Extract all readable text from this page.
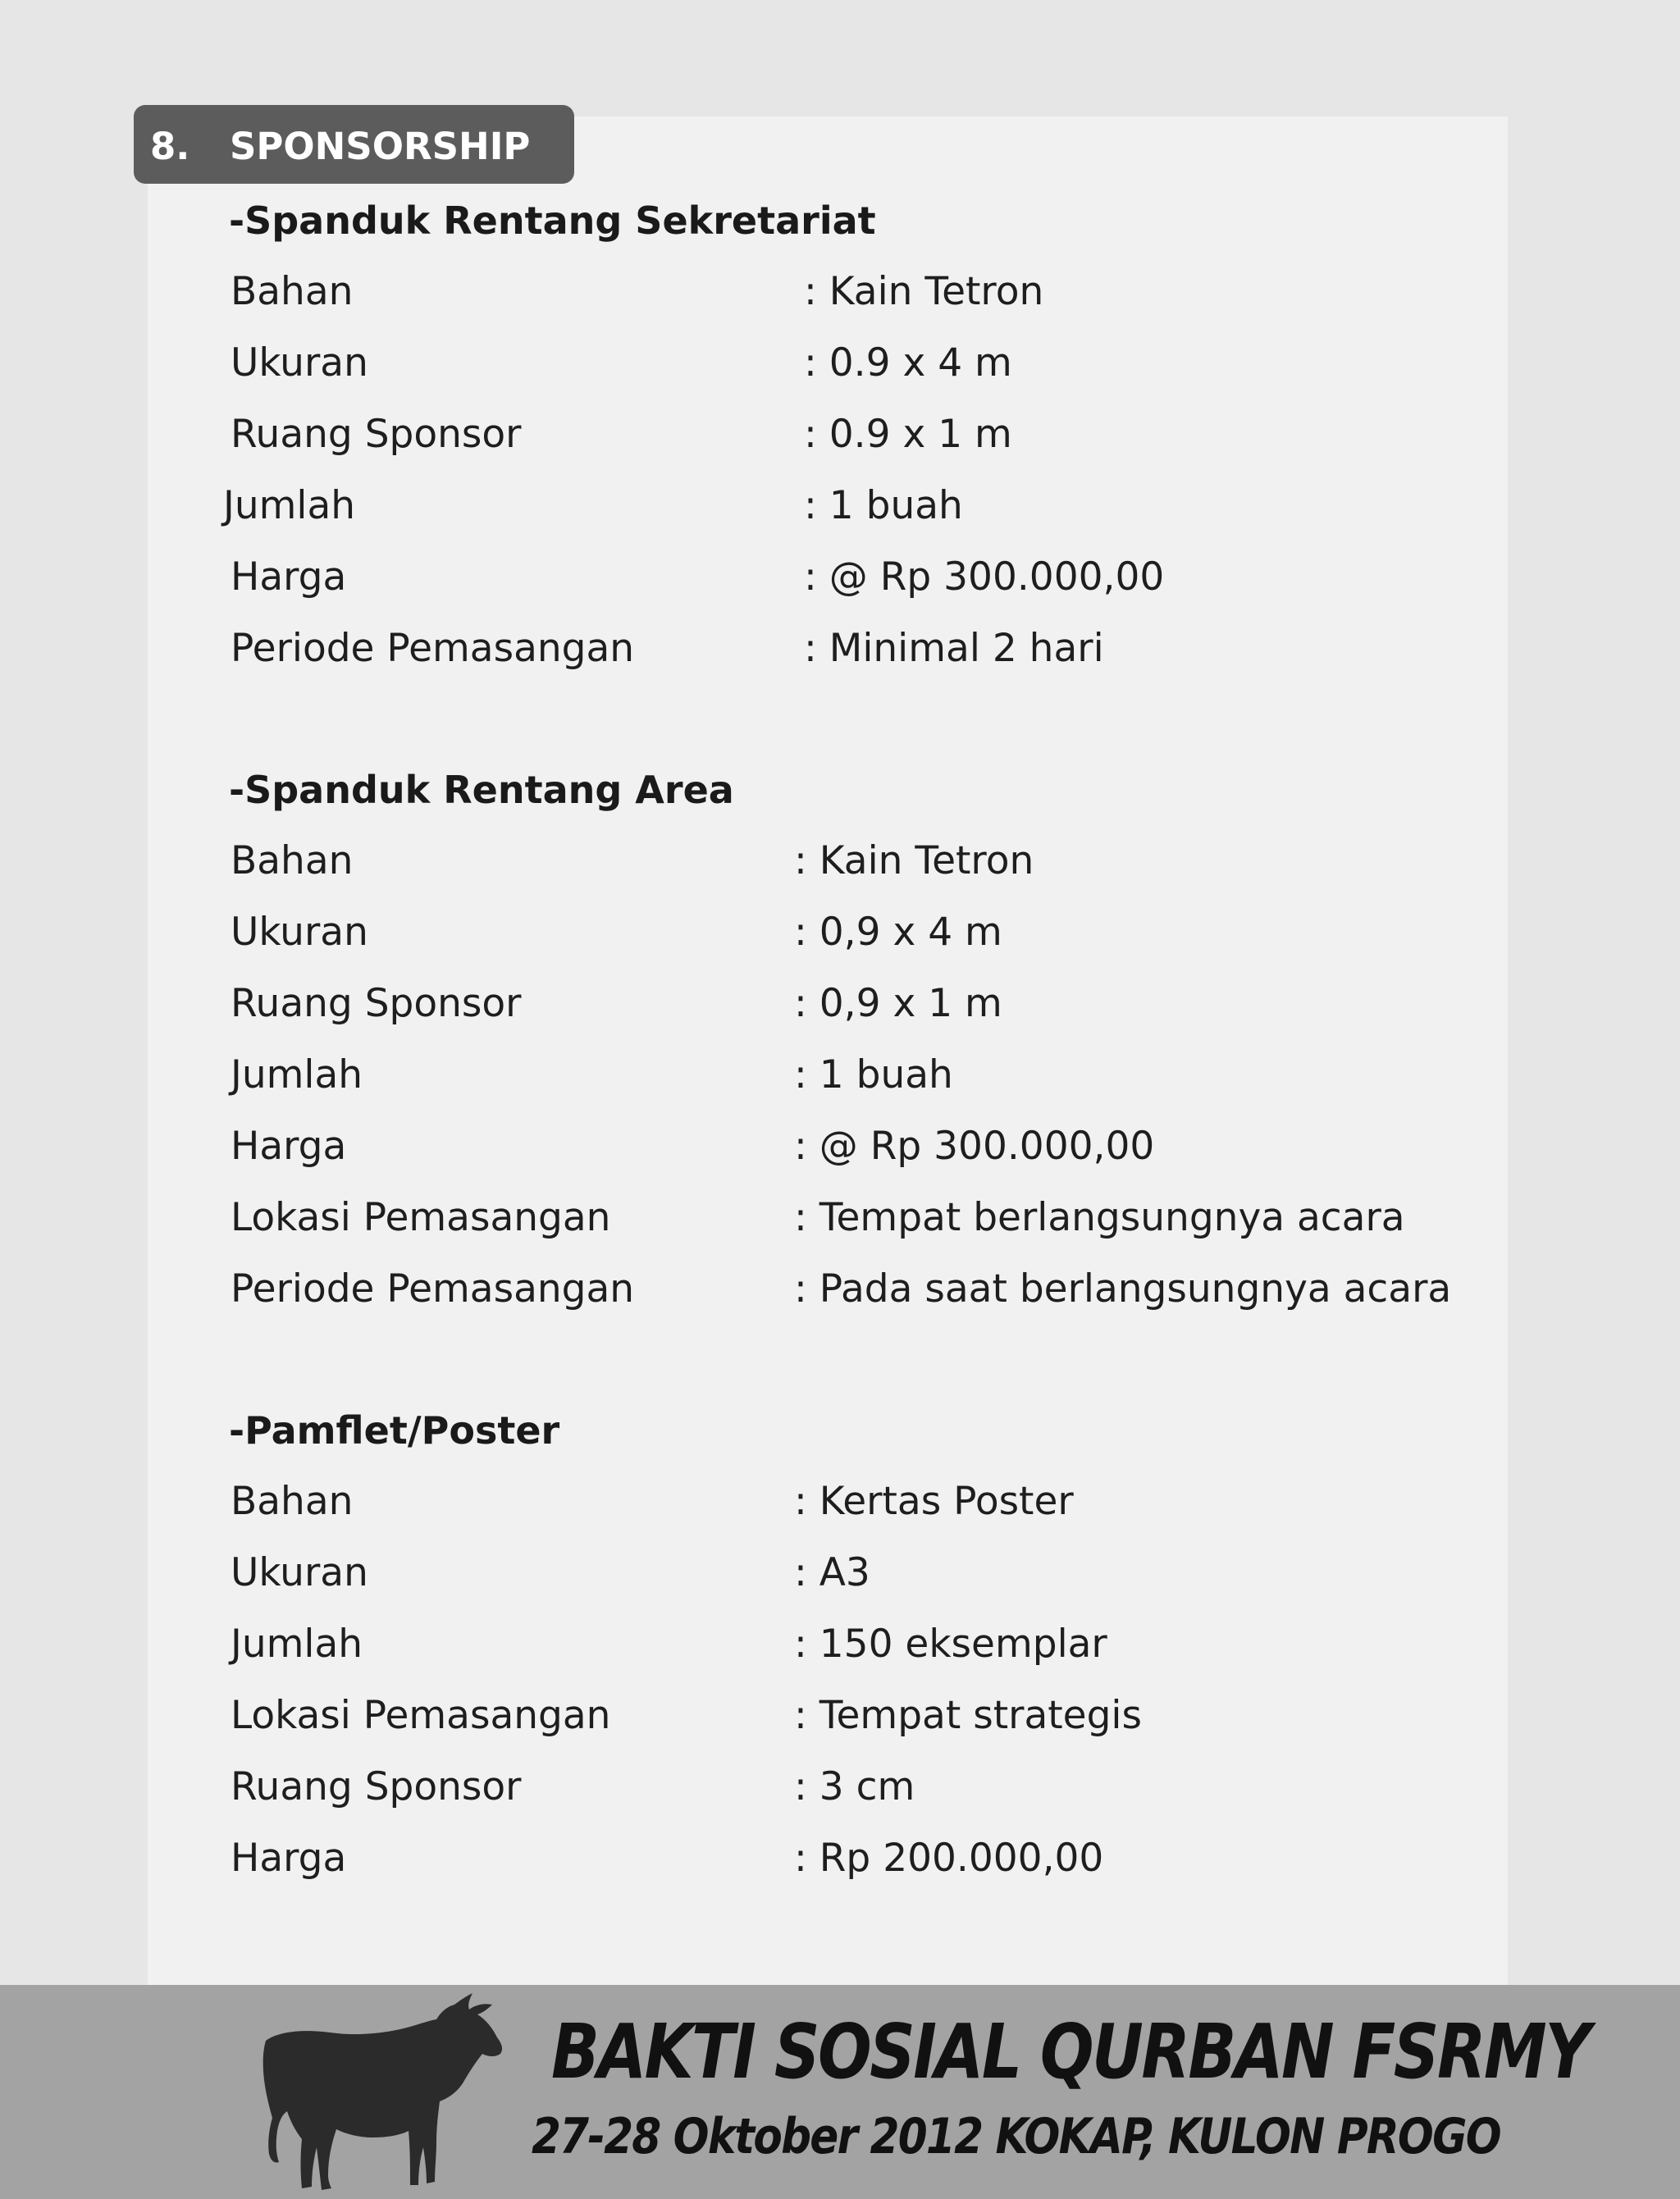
8. SPONSORSHIP
-Spanduk Rentang Sekretariat
Bahan	: Kain Tetron
Ukuran	: 0.9 x 4 m
Ruang Sponsor	: 0.9 x 1 m
Jumlah	: 1 buah
Harga	: @ Rp 300.000,00
Periode Pemasangan	: Minimal 2 hari
-Spanduk Rentang Area
Bahan	: Kain Tetron
Ukuran	: 0,9 x 4 m
Ruang Sponsor	: 0,9 x 1 m
Jumlah	: 1 buah
Harga	: @ Rp 300.000,00
Lokasi Pemasangan	: Tempat berlangsungnya acara
Periode Pemasangan	: Pada saat berlangsungnya acara
-Pamflet/Poster
Bahan	: Kertas Poster
Ukuran	: A3
Jumlah	: 150 eksemplar
Lokasi Pemasangan	: Tempat strategis
Ruang Sponsor	: 3 cm
Harga	: Rp 200.000,00
BAKTI SOSIAL QURBAN FSRMY
27-28 Oktober 2012 KOKAP, KULON PROGO
